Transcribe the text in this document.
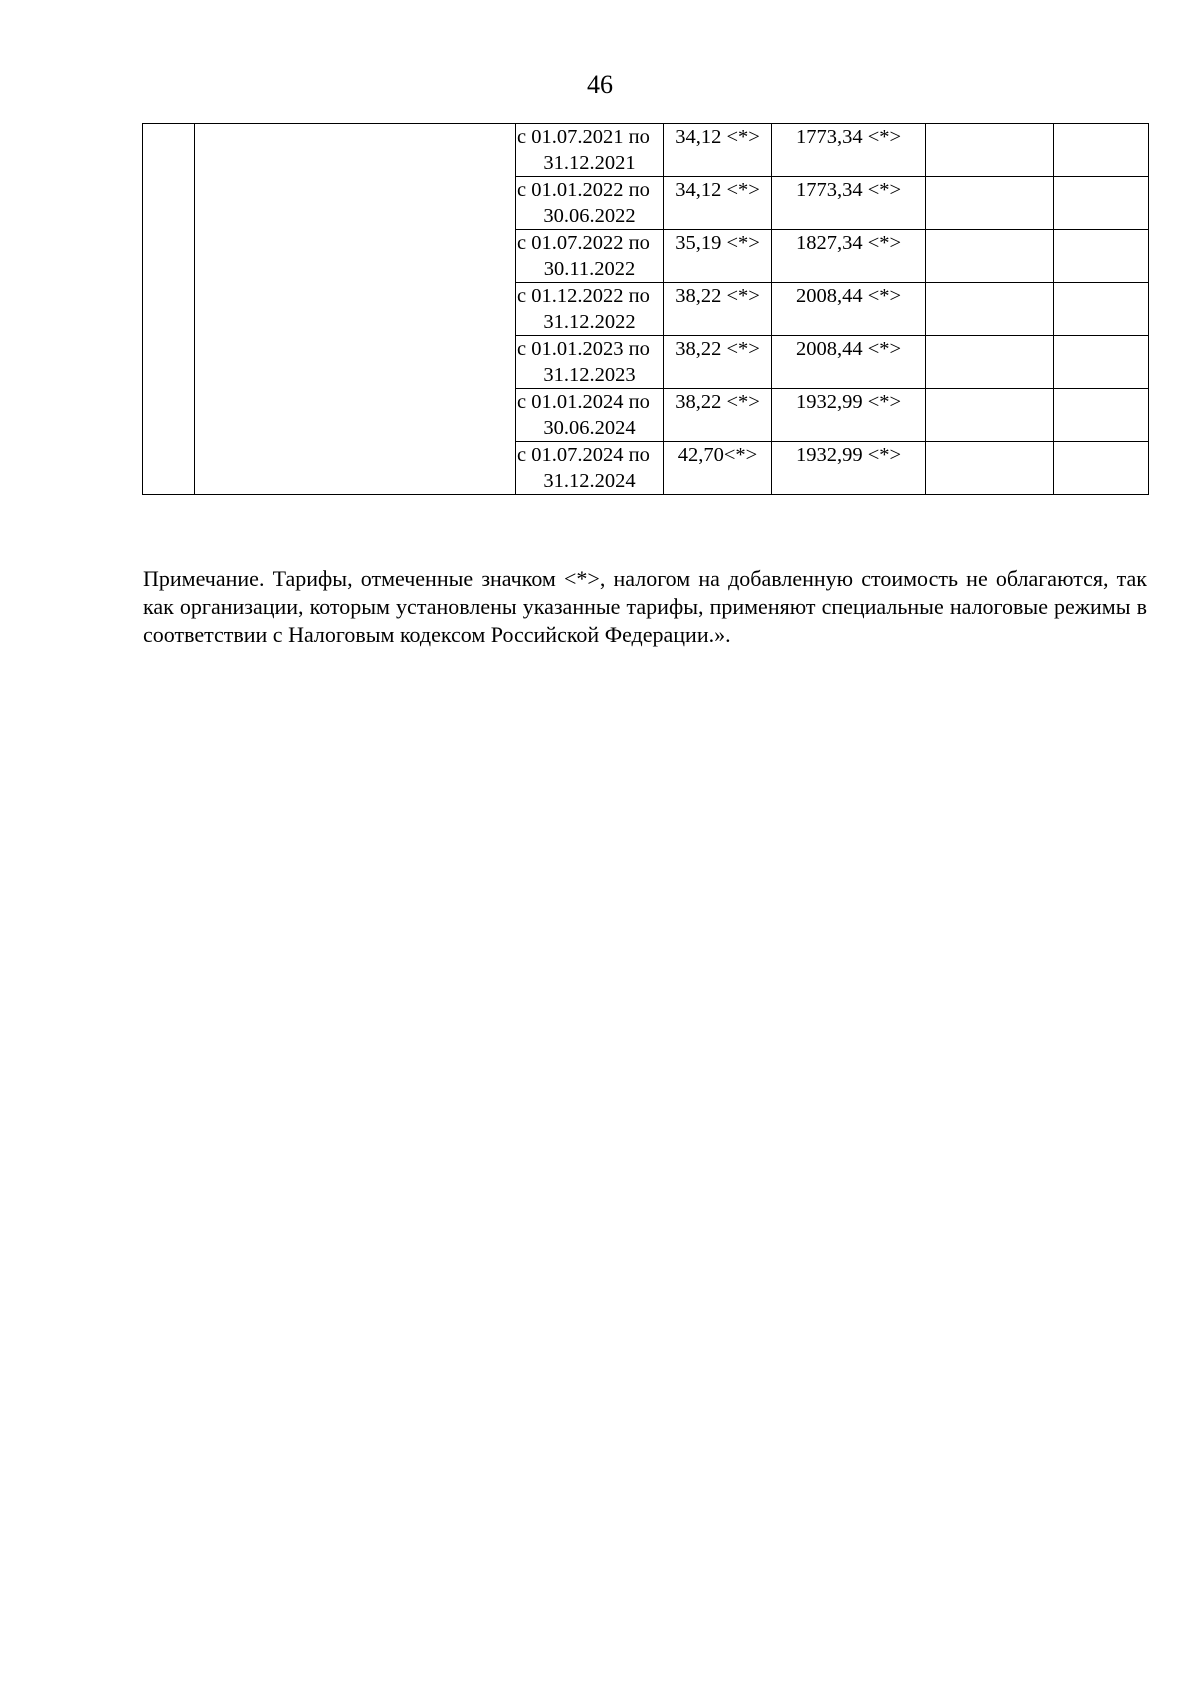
46

		с 01.07.2021 по
31.12.2021	34,12 <*>	1773,34 <*>		

		с 01.01.2022 по
30.06.2022	34,12 <*>	1773,34 <*>		

		с 01.07.2022 по
30.11.2022	35,19 <*>	1827,34 <*>		

		с 01.12.2022 по
31.12.2022	38,22 <*>	2008,44 <*>		

		с 01.01.2023 по
31.12.2023	38,22 <*>	2008,44 <*>		

		с 01.01.2024 по
30.06.2024	38,22 <*>	1932,99 <*>		

		с 01.07.2024 по
31.12.2024	42,70<*>	1932,99 <*>		

Примечание. Тарифы, отмеченные значком <*>, налогом на добавленную стоимость не облагаются, так как организации, которым установлены указанные тарифы, применяют специальные налоговые режимы в соответствии с Налоговым кодексом Российской Федерации.».
